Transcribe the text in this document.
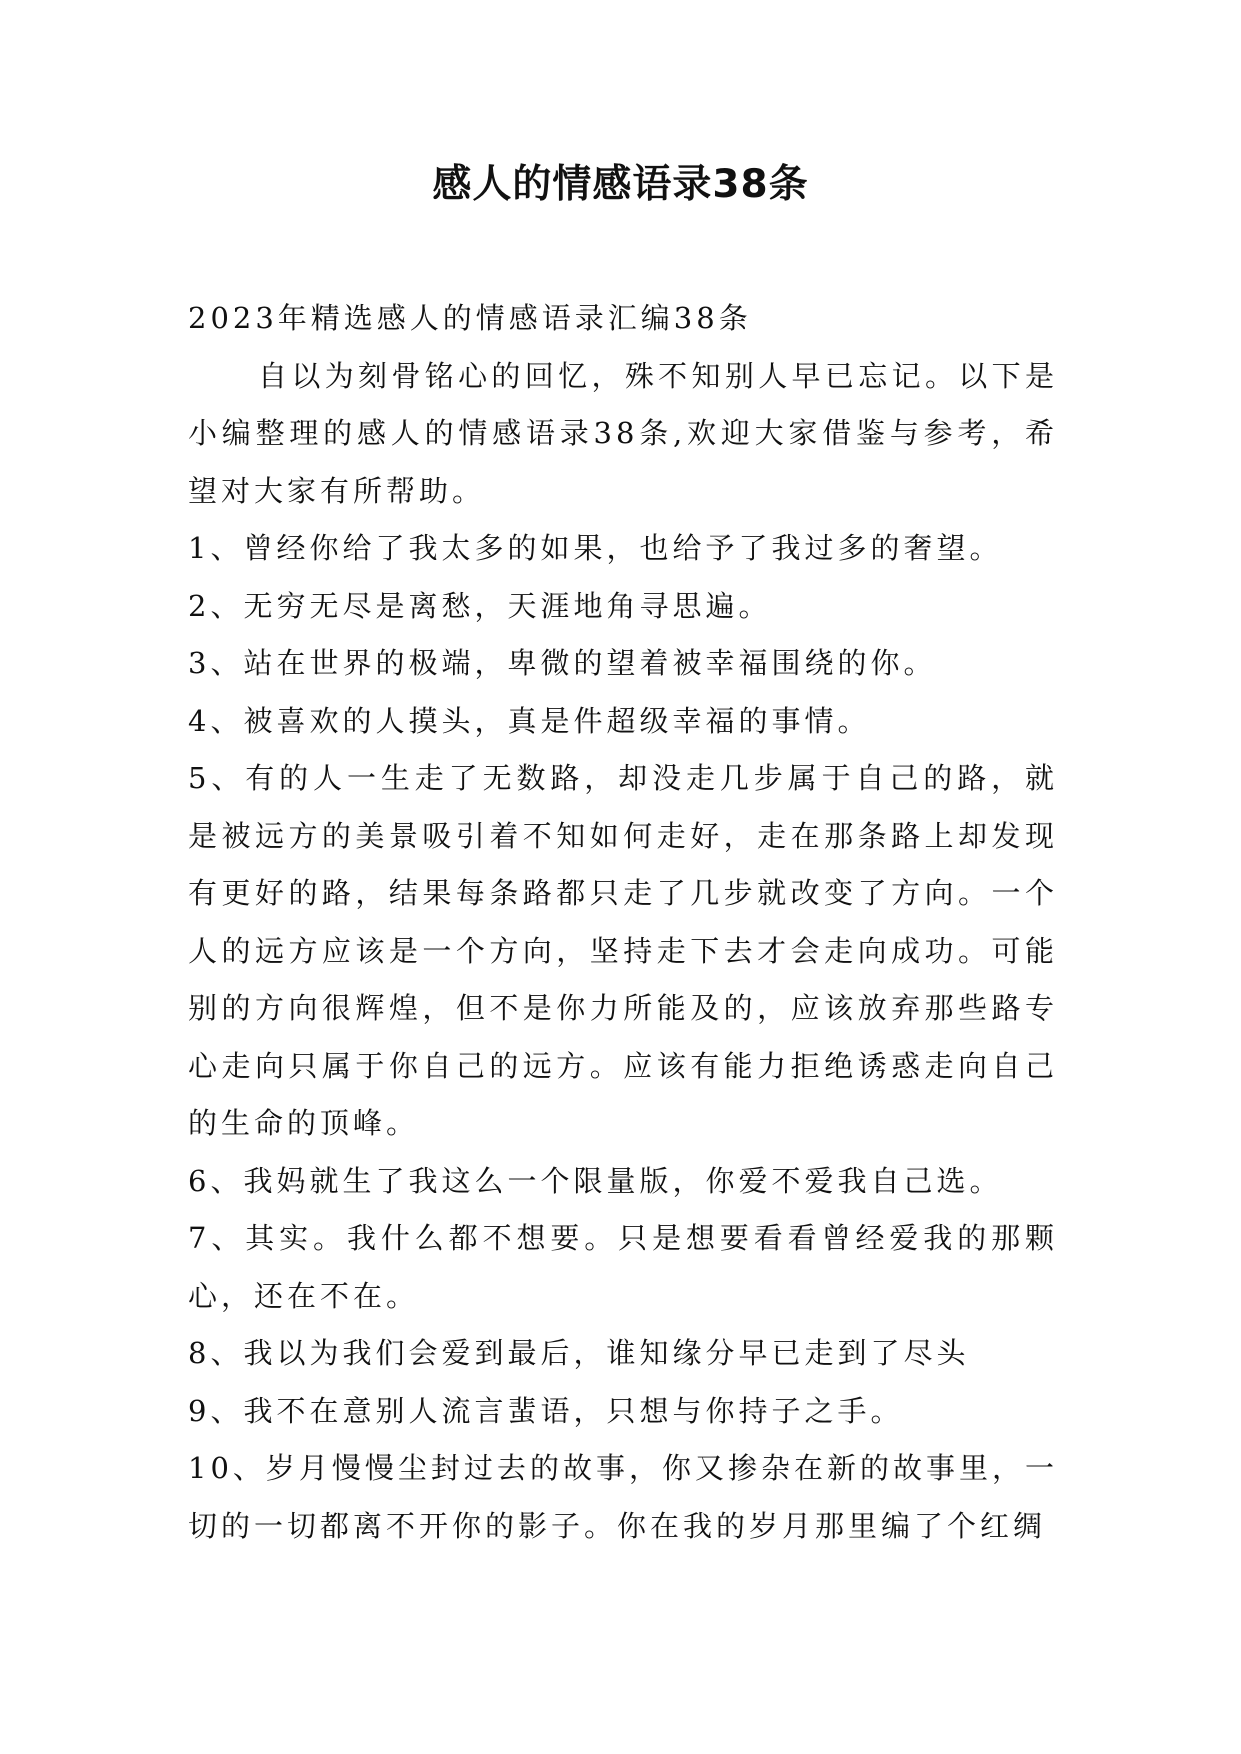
感人的情感语录38条

2023年精选感人的情感语录汇编38条

自以为刻骨铭心的回忆，殊不知别人早已忘记。以下是小编整理的感人的情感语录38条,欢迎大家借鉴与参考，希望对大家有所帮助。

1、曾经你给了我太多的如果，也给予了我过多的奢望。

2、无穷无尽是离愁，天涯地角寻思遍。

3、站在世界的极端，卑微的望着被幸福围绕的你。

4、被喜欢的人摸头，真是件超级幸福的事情。

5、有的人一生走了无数路，却没走几步属于自己的路，就是被远方的美景吸引着不知如何走好，走在那条路上却发现有更好的路，结果每条路都只走了几步就改变了方向。一个人的远方应该是一个方向，坚持走下去才会走向成功。可能别的方向很辉煌，但不是你力所能及的，应该放弃那些路专心走向只属于你自己的远方。应该有能力拒绝诱惑走向自己的生命的顶峰。

6、我妈就生了我这么一个限量版，你爱不爱我自己选。

7、其实。我什么都不想要。只是想要看看曾经爱我的那颗心，还在不在。

8、我以为我们会爱到最后，谁知缘分早已走到了尽头

9、我不在意别人流言蜚语，只想与你持子之手。

10、岁月慢慢尘封过去的故事，你又掺杂在新的故事里，一切的一切都离不开你的影子。你在我的岁月那里编了个红绸
